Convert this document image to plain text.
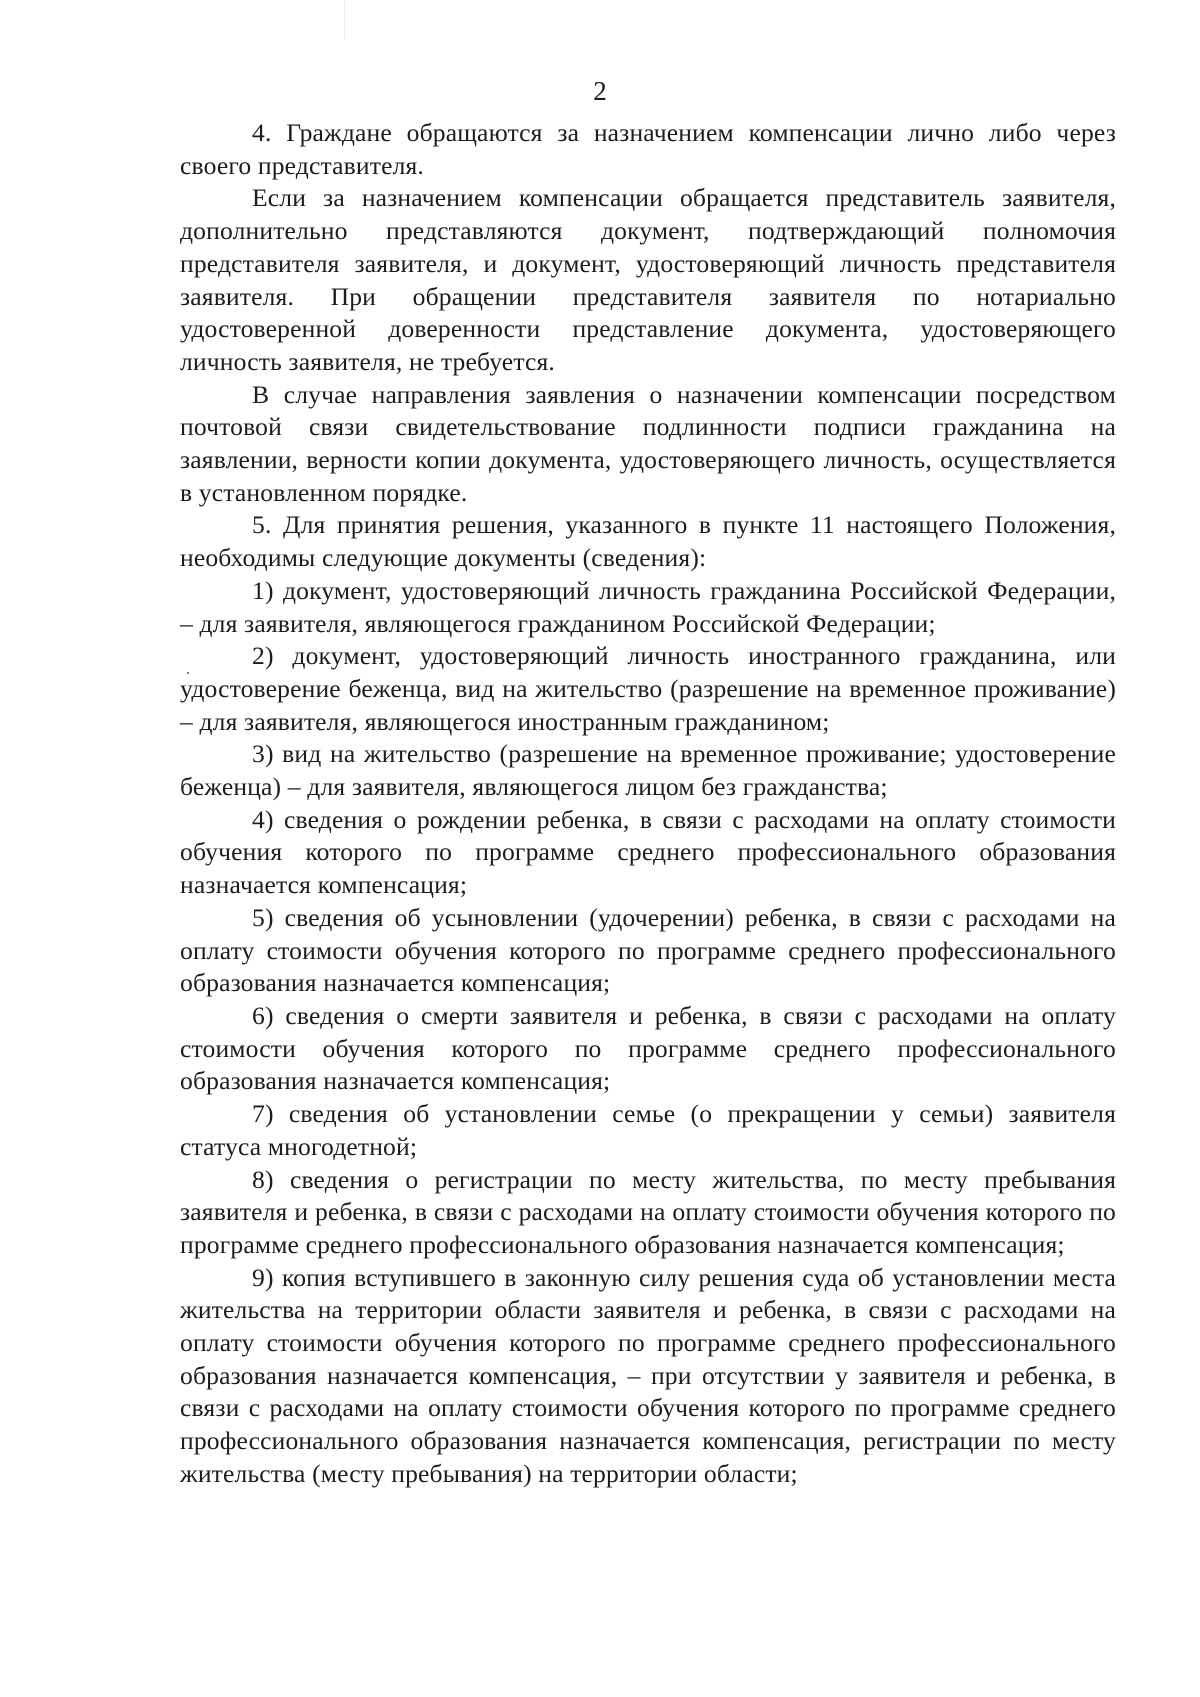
2

4. Граждане обращаются за назначением компенсации лично либо через своего представителя.

Если за назначением компенсации обращается представитель заявителя, дополнительно представляются документ, подтверждающий полномочия представителя заявителя, и документ, удостоверяющий личность представителя заявителя. При обращении представителя заявителя по нотариально удостоверенной доверенности представление документа, удостоверяющего личность заявителя, не требуется.

В случае направления заявления о назначении компенсации посредством почтовой связи свидетельствование подлинности подписи гражданина на заявлении, верности копии документа, удостоверяющего личность, осуществляется в установленном порядке.

5. Для принятия решения, указанного в пункте 11 настоящего Положения, необходимы следующие документы (сведения):

1) документ, удостоверяющий личность гражданина Российской Федерации, – для заявителя, являющегося гражданином Российской Федерации;

2) документ, удостоверяющий личность иностранного гражданина, или удостоверение беженца, вид на жительство (разрешение на временное проживание) – для заявителя, являющегося иностранным гражданином;

3) вид на жительство (разрешение на временное проживание; удостоверение беженца) – для заявителя, являющегося лицом без гражданства;

4) сведения о рождении ребенка, в связи с расходами на оплату стоимости обучения которого по программе среднего профессионального образования назначается компенсация;

5) сведения об усыновлении (удочерении) ребенка, в связи с расходами на оплату стоимости обучения которого по программе среднего профессионального образования назначается компенсация;

6) сведения о смерти заявителя и ребенка, в связи с расходами на оплату стоимости обучения которого по программе среднего профессионального образования назначается компенсация;

7) сведения об установлении семье (о прекращении у семьи) заявителя статуса многодетной;

8) сведения о регистрации по месту жительства, по месту пребывания заявителя и ребенка, в связи с расходами на оплату стоимости обучения которого по программе среднего профессионального образования назначается компенсация;

9) копия вступившего в законную силу решения суда об установлении места жительства на территории области заявителя и ребенка, в связи с расходами на оплату стоимости обучения которого по программе среднего профессионального образования назначается компенсация, – при отсутствии у заявителя и ребенка, в связи с расходами на оплату стоимости обучения которого по программе среднего профессионального образования назначается компенсация, регистрации по месту жительства (месту пребывания) на территории области;
